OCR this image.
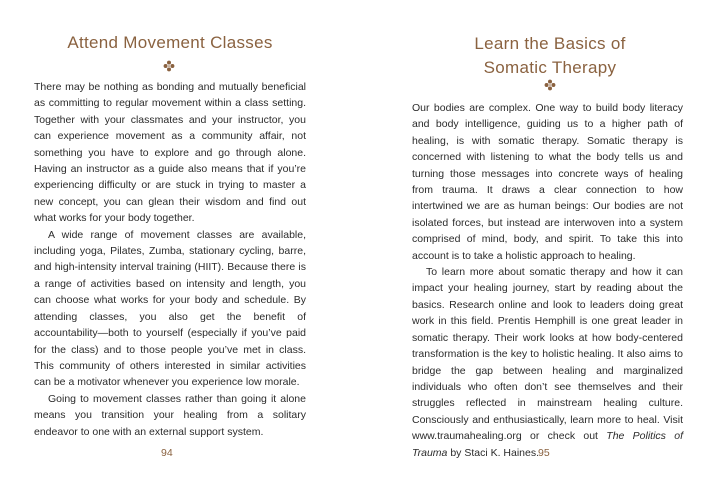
Attend Movement Classes

There may be nothing as bonding and mutually beneficial as committing to regular movement within a class setting. Together with your classmates and your instructor, you can experience movement as a community affair, not something you have to explore and go through alone. Having an instructor as a guide also means that if you’re experiencing difficulty or are stuck in trying to master a new concept, you can glean their wisdom and find out what works for your body together.

A wide range of movement classes are available, including yoga, Pilates, Zumba, stationary cycling, barre, and high-intensity interval training (HIIT). Because there is a range of activities based on intensity and length, you can choose what works for your body and schedule. By attending classes, you also get the benefit of accountability—both to yourself (especially if you’ve paid for the class) and to those people you’ve met in class. This community of others interested in similar activities can be a motivator whenever you experience low morale.

Going to movement classes rather than going it alone means you transition your healing from a solitary endeavor to one with an external support system.

94
Learn the Basics of
Somatic Therapy

Our bodies are complex. One way to build body literacy and body intelligence, guiding us to a higher path of healing, is with somatic therapy. Somatic therapy is concerned with listening to what the body tells us and turning those messages into concrete ways of healing from trauma. It draws a clear connection to how intertwined we are as human beings: Our bodies are not isolated forces, but instead are interwoven into a system comprised of mind, body, and spirit. To take this into account is to take a holistic approach to healing.

To learn more about somatic therapy and how it can impact your healing journey, start by reading about the basics. Research online and look to leaders doing great work in this field. Prentis Hemphill is one great leader in somatic therapy. Their work looks at how body-centered transformation is the key to holistic healing. It also aims to bridge the gap between healing and marginalized individuals who often don’t see themselves and their struggles reflected in mainstream healing culture. Consciously and enthusiastically, learn more to heal. Visit www.traumahealing.org or check out The Politics of Trauma by Staci K. Haines.

95
